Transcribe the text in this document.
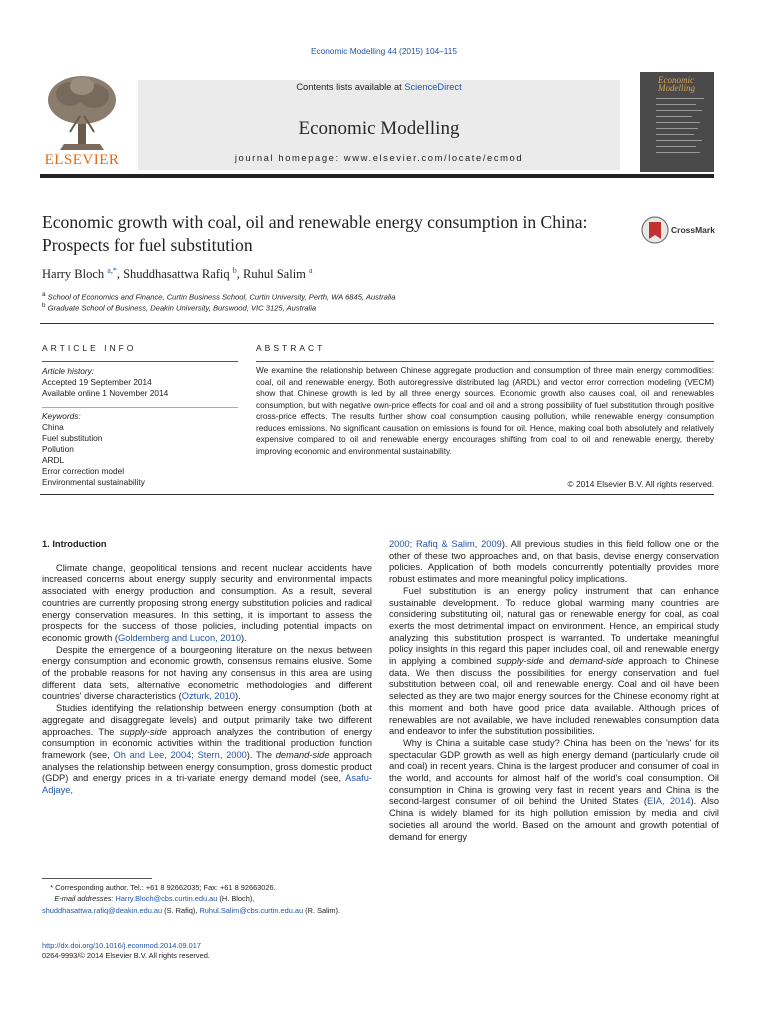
Economic Modelling 44 (2015) 104–115
ELSEVIER
Contents lists available at ScienceDirect
Economic Modelling
journal homepage: www.elsevier.com/locate/ecmod
Economic Modelling
Economic growth with coal, oil and renewable energy consumption in China: Prospects for fuel substitution
CrossMark
Harry Bloch $^{a,*}$, Shuddhasattwa Rafiq $^b$, Ruhul Salim $^a$
$^a$ School of Economics and Finance, Curtin Business School, Curtin University, Perth, WA 6845, Australia
$^b$ Graduate School of Business, Deakin University, Burswood, VIC 3125, Australia
ARTICLE INFO
Article history:
Accepted 19 September 2014
Available online 1 November 2014
Keywords:
China
Fuel substitution
Pollution
ARDL
Error correction model
Environmental sustainability
ABSTRACT
We examine the relationship between Chinese aggregate production and consumption of three main energy commodities: coal, oil and renewable energy. Both autoregressive distributed lag (ARDL) and vector error correction modeling (VECM) show that Chinese growth is led by all three energy sources. Economic growth also causes coal, oil and renewables consumption, but with negative own-price effects for coal and oil and a strong possibility of fuel substitution through positive cross-price effects. The results further show coal consumption causing pollution, while renewable energy consumption reduces emissions. No significant causation on emissions is found for oil. Hence, making coal both absolutely and relatively expensive compared to oil and renewable energy encourages shifting from coal to oil and renewable energy, thereby improving economic and environmental sustainability.
© 2014 Elsevier B.V. All rights reserved.

1. Introduction

Climate change, geopolitical tensions and recent nuclear accidents have increased concerns about energy supply security and environmental impacts associated with energy production and consumption. As a result, several countries are currently proposing strong energy substitution policies and radical energy conservation measures. In this setting, it is important to assess the prospects for the success of those policies, including potential impacts on economic growth (Goldemberg and Lucon, 2010).

Despite the emergence of a bourgeoning literature on the nexus between energy consumption and economic growth, consensus remains elusive. Some of the probable reasons for not having any consensus in this area are using different data sets, alternative econometric methodologies and different countries' diverse characteristics (Ozturk, 2010).

Studies identifying the relationship between energy consumption (both at aggregate and disaggregate levels) and output primarily take two different approaches. The supply-side approach analyzes the contribution of energy consumption in economic activities within the traditional production function framework (see, Oh and Lee, 2004; Stern, 2000). The demand-side approach analyses the relationship between energy consumption, gross domestic product (GDP) and energy prices in a tri-variate energy demand model (see, Asafu-Adjaye,

* Corresponding author. Tel.: +61 8 92662035; Fax: +61 8 92663026.
E-mail addresses: Harry.Bloch@cbs.curtin.edu.au (H. Bloch),
shuddhasattwa.rafiq@deakin.edu.au (S. Rafiq), Ruhul.Salim@cbs.curtin.edu.au (R. Salim).
http://dx.doi.org/10.1016/j.econmod.2014.09.017
0264-9993/© 2014 Elsevier B.V. All rights reserved.

2000; Rafiq & Salim, 2009). All previous studies in this field follow one or the other of these two approaches and, on that basis, devise energy conservation policies. Application of both models concurrently potentially provides more robust estimates and more meaningful policy implications.

Fuel substitution is an energy policy instrument that can enhance sustainable development. To reduce global warming many countries are considering substituting oil, natural gas or renewable energy for coal, as coal exerts the most detrimental impact on environment. Hence, an empirical study analyzing this substitution prospect is warranted. To undertake meaningful policy insights in this regard this paper includes coal, oil and renewable energy in applying a combined supply-side and demand-side approach to Chinese data. We then discuss the possibilities for energy conservation and fuel substitution between coal, oil and renewable energy. Coal and oil have been selected as they are two major energy sources for the Chinese economy right at this moment and both have good price data available. Although prices of renewables are not available, we have included renewables consumption data and endeavor to infer the substitution possibilities.

Why is China a suitable case study? China has been on the 'news' for its spectacular GDP growth as well as high energy demand (particularly crude oil and coal) in recent years. China is the largest producer and consumer of coal in the world, and accounts for almost half of the world's coal consumption. Oil consumption in China is growing very fast in recent years and China is the second-largest consumer of oil behind the United States (EIA, 2014). Also China is widely blamed for its high pollution emission by media and civil societies all around the world. Based on the amount and growth potential of demand for energy
